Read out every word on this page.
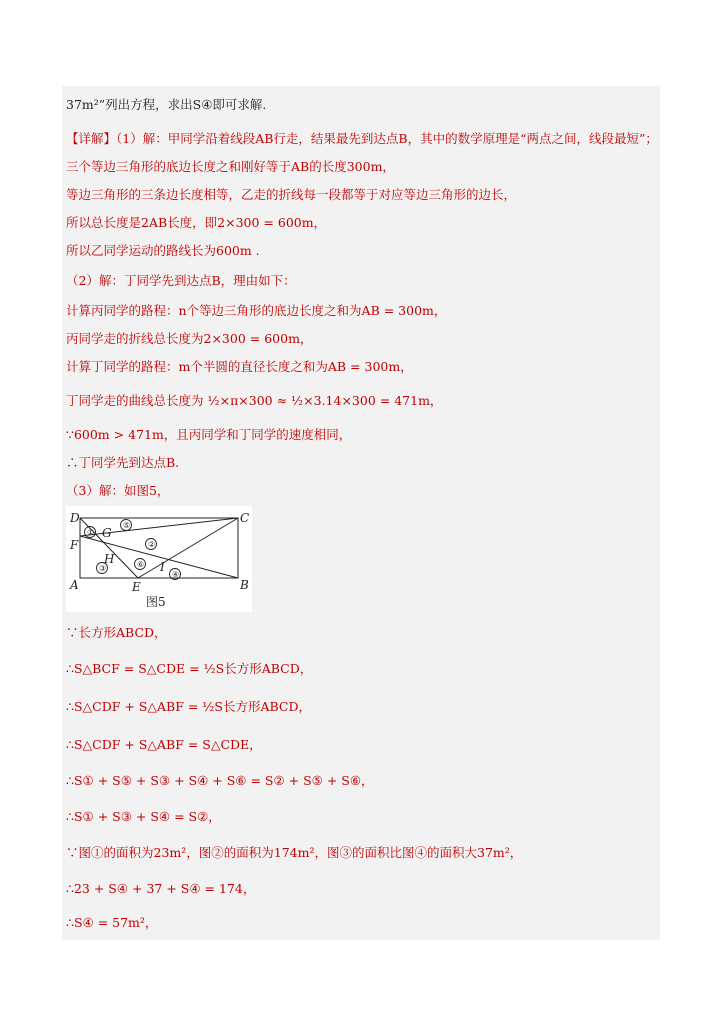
37m²”列出方程，求出S④即可求解.
【详解】（1）解：甲同学沿着线段AB行走，结果最先到达点B，其中的数学原理是“两点之间，线段最短”；
三个等边三角形的底边长度之和刚好等于AB的长度300m，
等边三角形的三条边长度相等，乙走的折线每一段都等于对应等边三角形的边长，
所以总长度是2AB长度，即2×300 = 600m，
所以乙同学运动的路线长为600m .
（2）解：丁同学先到达点B，理由如下：
计算丙同学的路程：n个等边三角形的底边长度之和为AB = 300m，
丙同学走的折线总长度为2×300 = 600m，
计算丁同学的路程：m个半圆的直径长度之和为AB = 300m，
丁同学走的曲线总长度为 ½×π×300 ≈ ½×3.14×300 = 471m，
∵600m > 471m，且丙同学和丁同学的速度相同，
∴丁同学先到达点B.
（3）解：如图5，
D	C
F
G
H
I
A	E	B
①
②
③
④
⑤
⑥
图5
∵长方形ABCD，
∴S△BCF = S△CDE = ½S长方形ABCD，
∴S△CDF + S△ABF = ½S长方形ABCD，
∴S△CDF + S△ABF = S△CDE，
∴S① + S⑤ + S③ + S④ + S⑥ = S② + S⑤ + S⑥，
∴S① + S③ + S④ = S②，
∵图①的面积为23m²，图②的面积为174m²，图③的面积比图④的面积大37m²，
∴23 + S④ + 37 + S④ = 174，
∴S④ = 57m²，
